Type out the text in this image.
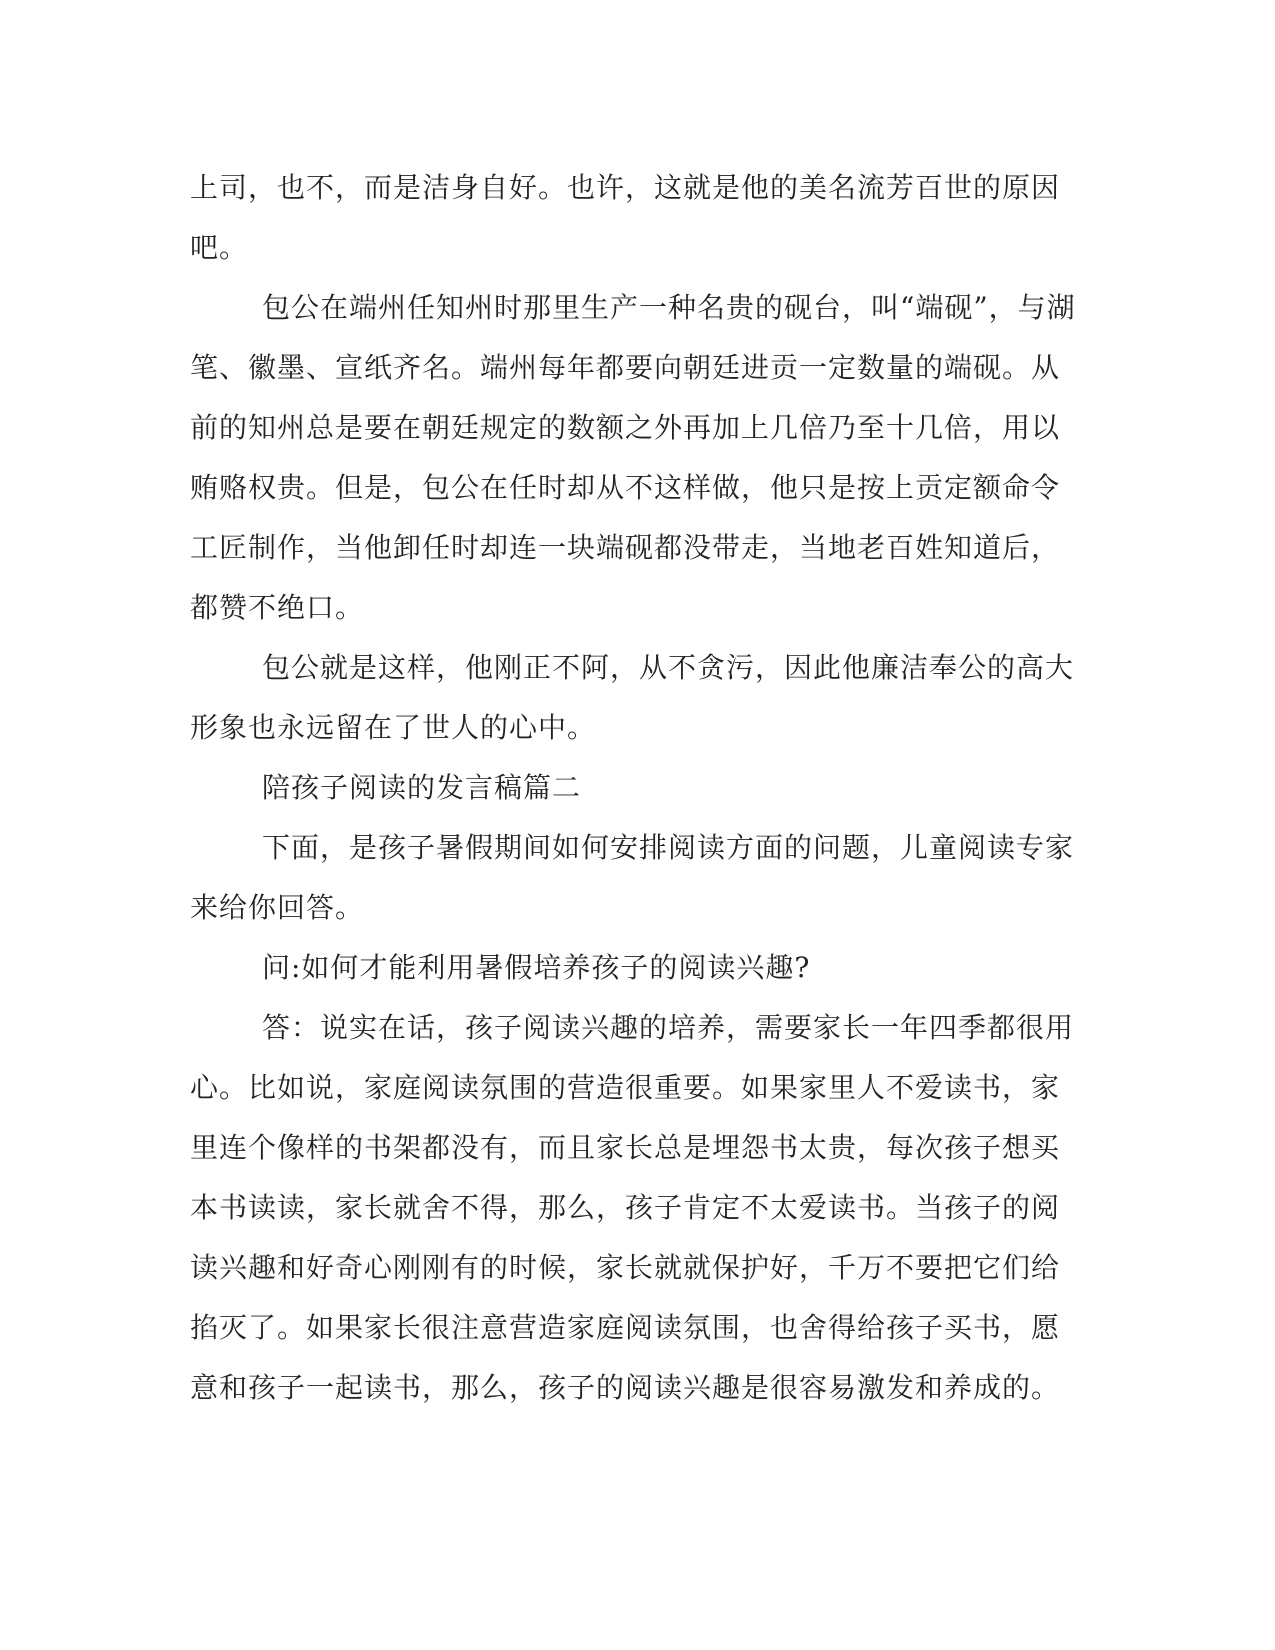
上司，也不，而是洁身自好。也许，这就是他的美名流芳百世的原因
吧。
包公在端州任知州时那里生产一种名贵的砚台，叫“端砚”，与湖
笔、徽墨、宣纸齐名。端州每年都要向朝廷进贡一定数量的端砚。从
前的知州总是要在朝廷规定的数额之外再加上几倍乃至十几倍，用以
贿赂权贵。但是，包公在任时却从不这样做，他只是按上贡定额命令
工匠制作，当他卸任时却连一块端砚都没带走，当地老百姓知道后，
都赞不绝口。
包公就是这样，他刚正不阿，从不贪污，因此他廉洁奉公的高大
形象也永远留在了世人的心中。
陪孩子阅读的发言稿篇二
下面，是孩子暑假期间如何安排阅读方面的问题，儿童阅读专家
来给你回答。
问:如何才能利用暑假培养孩子的阅读兴趣?
答：说实在话，孩子阅读兴趣的培养，需要家长一年四季都很用
心。比如说，家庭阅读氛围的营造很重要。如果家里人不爱读书，家
里连个像样的书架都没有，而且家长总是埋怨书太贵，每次孩子想买
本书读读，家长就舍不得，那么，孩子肯定不太爱读书。当孩子的阅
读兴趣和好奇心刚刚有的时候，家长就就保护好，千万不要把它们给
掐灭了。如果家长很注意营造家庭阅读氛围，也舍得给孩子买书，愿
意和孩子一起读书，那么，孩子的阅读兴趣是很容易激发和养成的。
